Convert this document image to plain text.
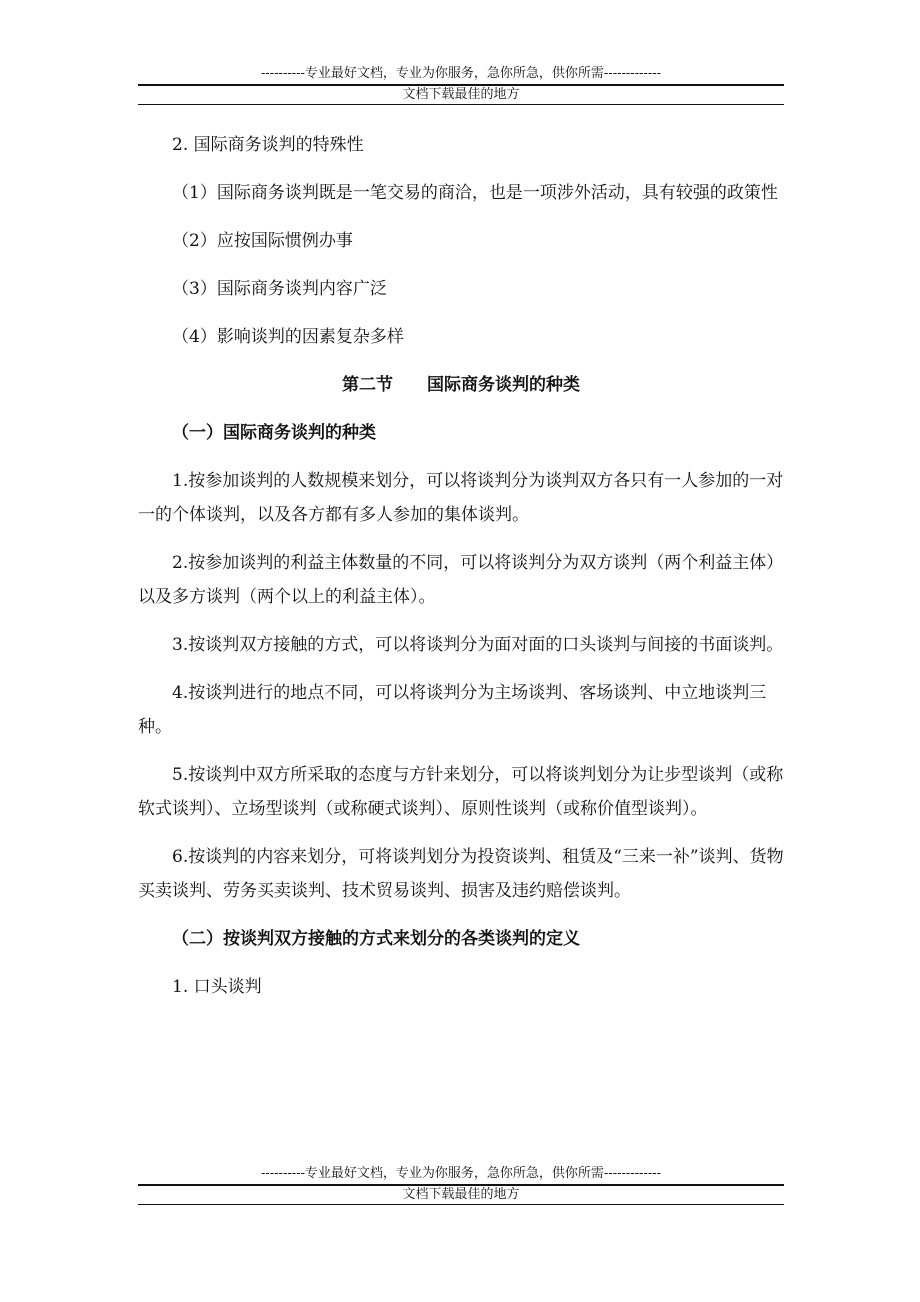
----------专业最好文档，专业为你服务，急你所急，供你所需-------------
文档下载最佳的地方

2. 国际商务谈判的特殊性

（1）国际商务谈判既是一笔交易的商洽，也是一项涉外活动，具有较强的政策性

（2）应按国际惯例办事

（3）国际商务谈判内容广泛

（4）影响谈判的因素复杂多样

第二节　　国际商务谈判的种类

（一）国际商务谈判的种类

1.按参加谈判的人数规模来划分，可以将谈判分为谈判双方各只有一人参加的一对一的个体谈判，以及各方都有多人参加的集体谈判。

2.按参加谈判的利益主体数量的不同，可以将谈判分为双方谈判（两个利益主体）以及多方谈判（两个以上的利益主体）。

3.按谈判双方接触的方式，可以将谈判分为面对面的口头谈判与间接的书面谈判。

4.按谈判进行的地点不同，可以将谈判分为主场谈判、客场谈判、中立地谈判三种。

5.按谈判中双方所采取的态度与方针来划分，可以将谈判划分为让步型谈判（或称软式谈判）、立场型谈判（或称硬式谈判）、原则性谈判（或称价值型谈判）。

6.按谈判的内容来划分，可将谈判划分为投资谈判、租赁及“三来一补”谈判、货物买卖谈判、劳务买卖谈判、技术贸易谈判、损害及违约赔偿谈判。

（二）按谈判双方接触的方式来划分的各类谈判的定义

1. 口头谈判

----------专业最好文档，专业为你服务，急你所急，供你所需-------------
文档下载最佳的地方
